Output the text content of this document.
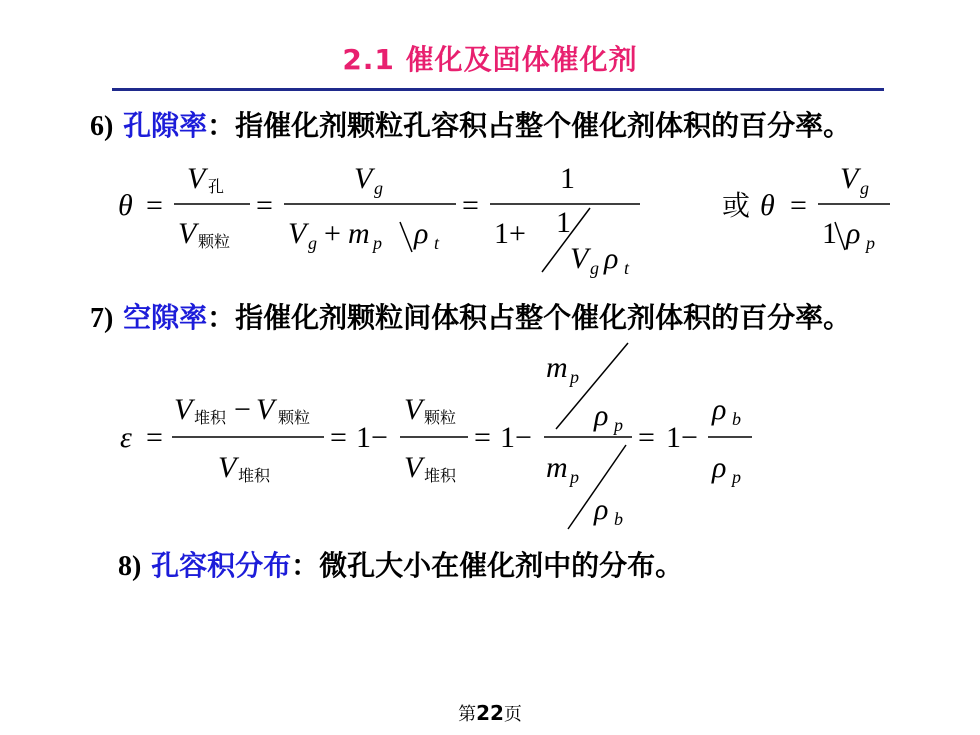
2.1 催化及固体催化剂
6) 孔隙率：指催化剂颗粒孔容积占整个催化剂体积的百分率。
θ =
V 孔
V 颗粒
=
V g
V g + m p ρ t
=
1
1+ 1
V g ρ t
或 θ =
V g
1 ρ p
7) 空隙率：指催化剂颗粒间体积占整个催化剂体积的百分率。
ε =
V 堆积 − V 颗粒
V 堆积
= 1−
V 颗粒
V 堆积
= 1−
m p
ρ p
m p
ρ b
= 1−
ρ b
ρ p
8) 孔容积分布：微孔大小在催化剂中的分布。
第22页
